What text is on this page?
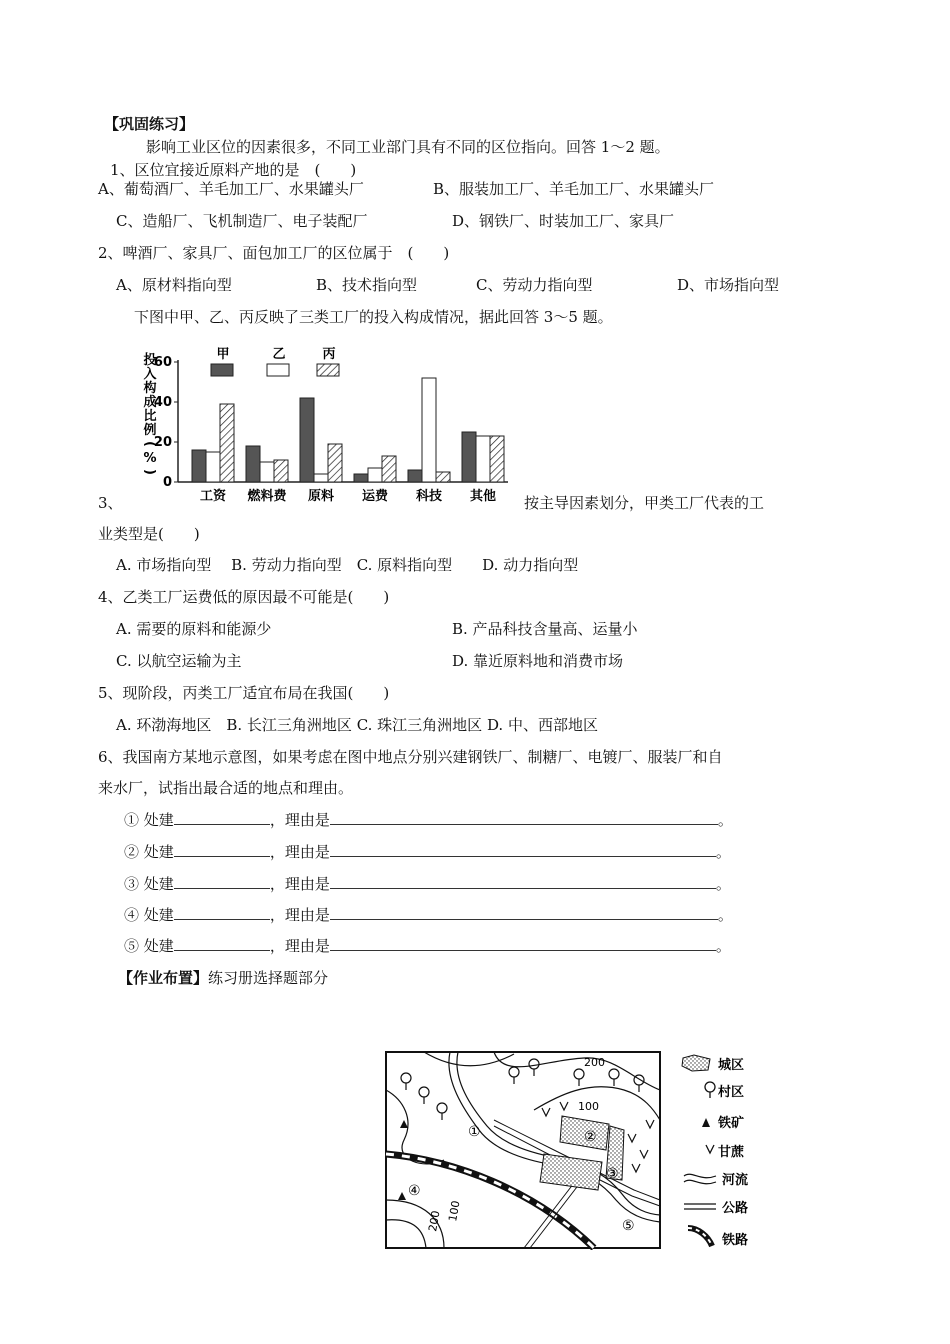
【巩固练习】
影响工业区位的因素很多，不同工业部门具有不同的区位指向。回答 1～2 题。
1、区位宜接近原料产地的是　(　　)
A、葡萄酒厂、羊毛加工厂、水果罐头厂	B、服装加工厂、羊毛加工厂、水果罐头厂
C、造船厂、飞机制造厂、电子装配厂	D、钢铁厂、时装加工厂、家具厂
2、啤酒厂、家具厂、面包加工厂的区位属于　(　　)
A、原材料指向型	B、技术指向型	C、劳动力指向型	D、市场指向型
下图中甲、乙、丙反映了三类工厂的投入构成情况，据此回答 3～5 题。
投
入
构
成
比
例
(
%
)
0
20
40
60
甲	乙	丙
工资 燃料费 原料 运费 科技 其他
3、	按主导因素划分，甲类工厂代表的工
业类型是(　　)
A. 市场指向型　 B. 劳动力指向型　C. 原料指向型　　D. 动力指向型
4、乙类工厂运费低的原因最不可能是(　　)
A. 需要的原料和能源少	B. 产品科技含量高、运量小
C. 以航空运输为主	D. 靠近原料地和消费市场
5、现阶段，丙类工厂适宜布局在我国(　　)
A. 环渤海地区　B. 长江三角洲地区 C. 珠江三角洲地区 D. 中、西部地区
6、我国南方某地示意图，如果考虑在图中地点分别兴建钢铁厂、制糖厂、电镀厂、服装厂和自
来水厂，试指出最合适的地点和理由。
① 处建	，理由是	。
② 处建	，理由是	。
③ 处建	，理由是	。
④ 处建	，理由是	。
⑤ 处建	，理由是	。
【作业布置】练习册选择题部分
200
100
200 100
①	②
③
④
⑤
城区
村区
铁矿
甘蔗
河流
公路
铁路
